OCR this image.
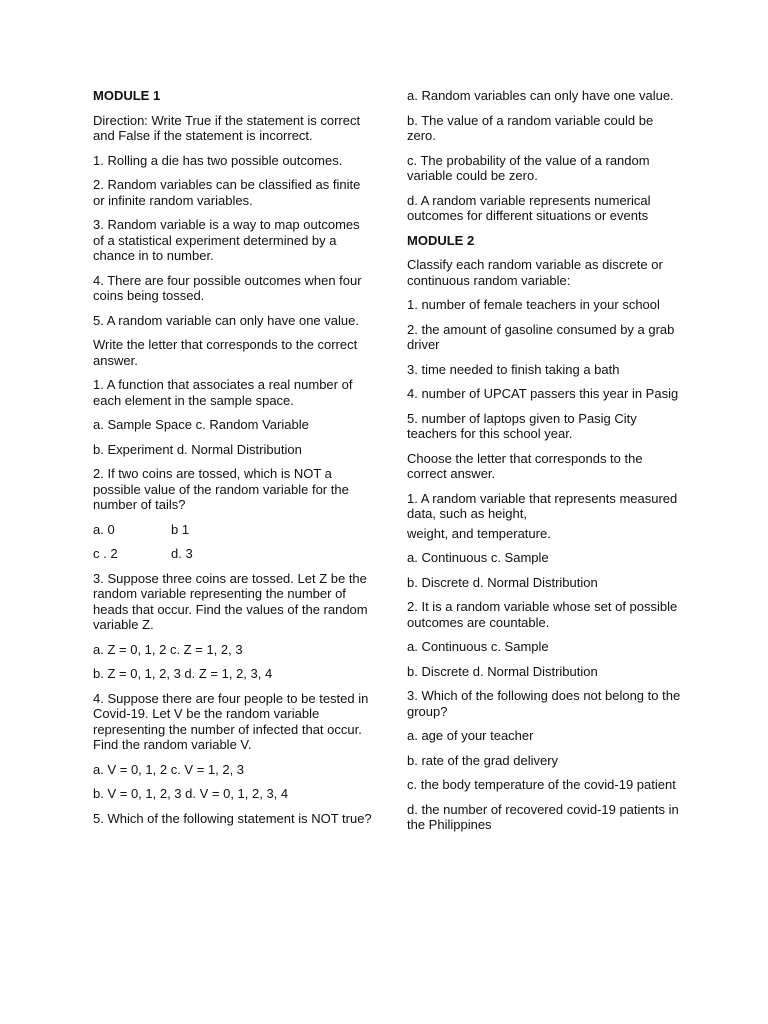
MODULE 1

Direction: Write True if the statement is correct and False if the statement is incorrect.

1. Rolling a die has two possible outcomes.

2. Random variables can be classified as finite or infinite random variables.

3. Random variable is a way to map outcomes of a statistical experiment determined by a chance in to number.

4. There are four possible outcomes when four coins being tossed.

5. A random variable can only have one value.

Write the letter that corresponds to the correct answer.

1. A function that associates a real number of each element in the sample space.

a. Sample Space c. Random Variable

b. Experiment d. Normal Distribution

2. If two coins are tossed, which is NOT a possible value of the random variable for the number of tails?

a. 0	b 1
c . 2	d. 3

3. Suppose three coins are tossed. Let Z be the random variable representing the number of heads that occur. Find the values of the random variable Z.

a. Z = 0, 1, 2 c. Z = 1, 2, 3

b. Z = 0, 1, 2, 3 d. Z = 1, 2, 3, 4

4. Suppose there are four people to be tested in Covid-19. Let V be the random variable representing the number of infected that occur. Find the random variable V.

a. V = 0, 1, 2 c. V = 1, 2, 3

b. V = 0, 1, 2, 3 d. V = 0, 1, 2, 3, 4

5. Which of the following statement is NOT true?

a. Random variables can only have one value.

b. The value of a random variable could be zero.

c. The probability of the value of a random variable could be zero.

d. A random variable represents numerical outcomes for different situations or events

MODULE 2

Classify each random variable as discrete or continuous random variable:

1. number of female teachers in your school

2. the amount of gasoline consumed by a grab driver

3. time needed to finish taking a bath

4. number of UPCAT passers this year in Pasig

5. number of laptops given to Pasig City teachers for this school year.

Choose the letter that corresponds to the correct answer.

1. A random variable that represents measured data, such as height,

weight, and temperature.

a. Continuous c. Sample

b. Discrete d. Normal Distribution

2. It is a random variable whose set of possible outcomes are countable.

a. Continuous c. Sample

b. Discrete d. Normal Distribution

3. Which of the following does not belong to the group?

a. age of your teacher

b. rate of the grad delivery

c. the body temperature of the covid-19 patient

d. the number of recovered covid-19 patients in the Philippines
